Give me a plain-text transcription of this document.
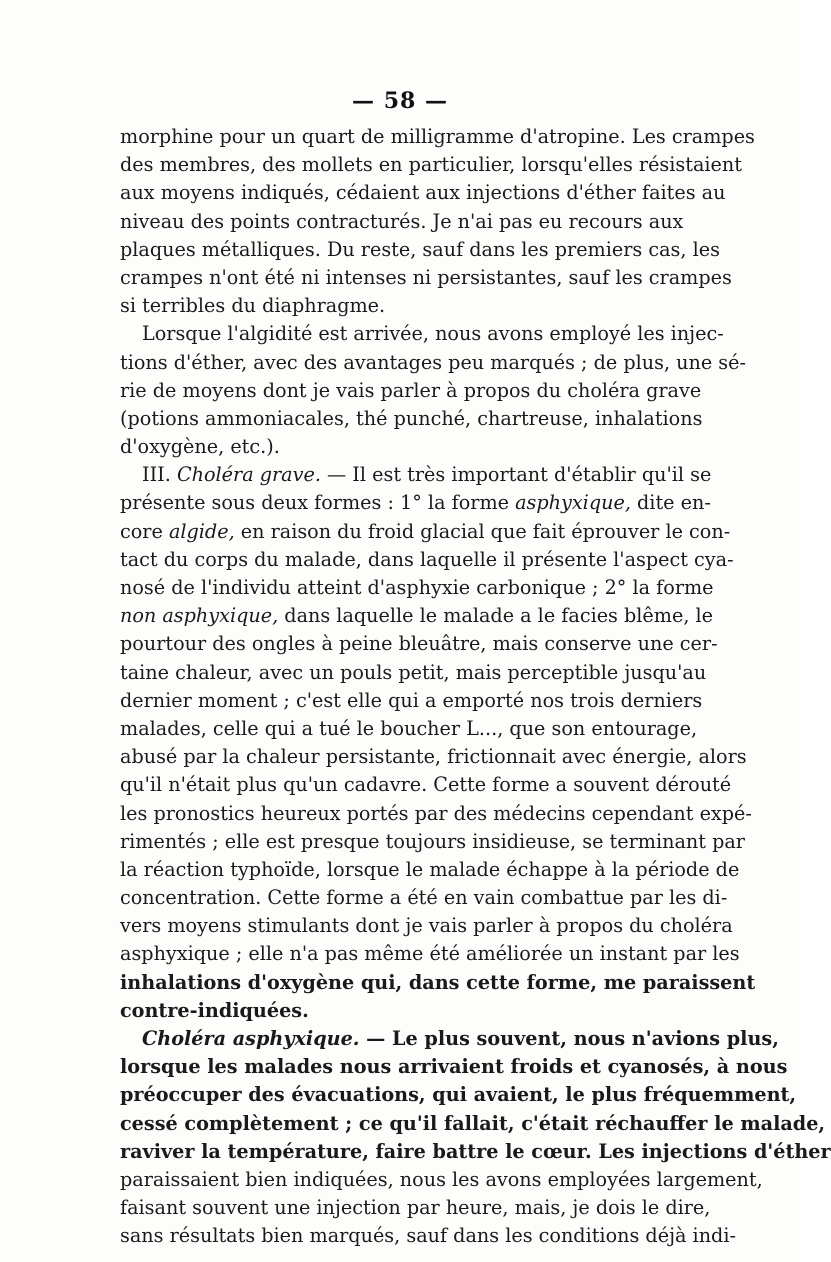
— 58 —
morphine pour un quart de milligramme d'atropine. Les crampes
des membres, des mollets en particulier, lorsqu'elles résistaient
aux moyens indiqués, cédaient aux injections d'éther faites au
niveau des points contracturés. Je n'ai pas eu recours aux
plaques métalliques. Du reste, sauf dans les premiers cas, les
crampes n'ont été ni intenses ni persistantes, sauf les crampes
si terribles du diaphragme.
Lorsque l'algidité est arrivée, nous avons employé les injec-
tions d'éther, avec des avantages peu marqués ; de plus, une sé-
rie de moyens dont je vais parler à propos du choléra grave
(potions ammoniacales, thé punché, chartreuse, inhalations
d'oxygène, etc.).
III. Choléra grave. — Il est très important d'établir qu'il se
présente sous deux formes : 1° la forme asphyxique, dite en-
core algide, en raison du froid glacial que fait éprouver le con-
tact du corps du malade, dans laquelle il présente l'aspect cya-
nosé de l'individu atteint d'asphyxie carbonique ; 2° la forme
non asphyxique, dans laquelle le malade a le facies blême, le
pourtour des ongles à peine bleuâtre, mais conserve une cer-
taine chaleur, avec un pouls petit, mais perceptible jusqu'au
dernier moment ; c'est elle qui a emporté nos trois derniers
malades, celle qui a tué le boucher L..., que son entourage,
abusé par la chaleur persistante, frictionnait avec énergie, alors
qu'il n'était plus qu'un cadavre. Cette forme a souvent dérouté
les pronostics heureux portés par des médecins cependant expé-
rimentés ; elle est presque toujours insidieuse, se terminant par
la réaction typhoïde, lorsque le malade échappe à la période de
concentration. Cette forme a été en vain combattue par les di-
vers moyens stimulants dont je vais parler à propos du choléra
asphyxique ; elle n'a pas même été améliorée un instant par les
inhalations d'oxygène qui, dans cette forme, me paraissent
contre-indiquées.
Choléra asphyxique. — Le plus souvent, nous n'avions plus,
lorsque les malades nous arrivaient froids et cyanosés, à nous
préoccuper des évacuations, qui avaient, le plus fréquemment,
cessé complètement ; ce qu'il fallait, c'était réchauffer le malade,
raviver la température, faire battre le cœur. Les injections d'éther
paraissaient bien indiquées, nous les avons employées largement,
faisant souvent une injection par heure, mais, je dois le dire,
sans résultats bien marqués, sauf dans les conditions déjà indi-
